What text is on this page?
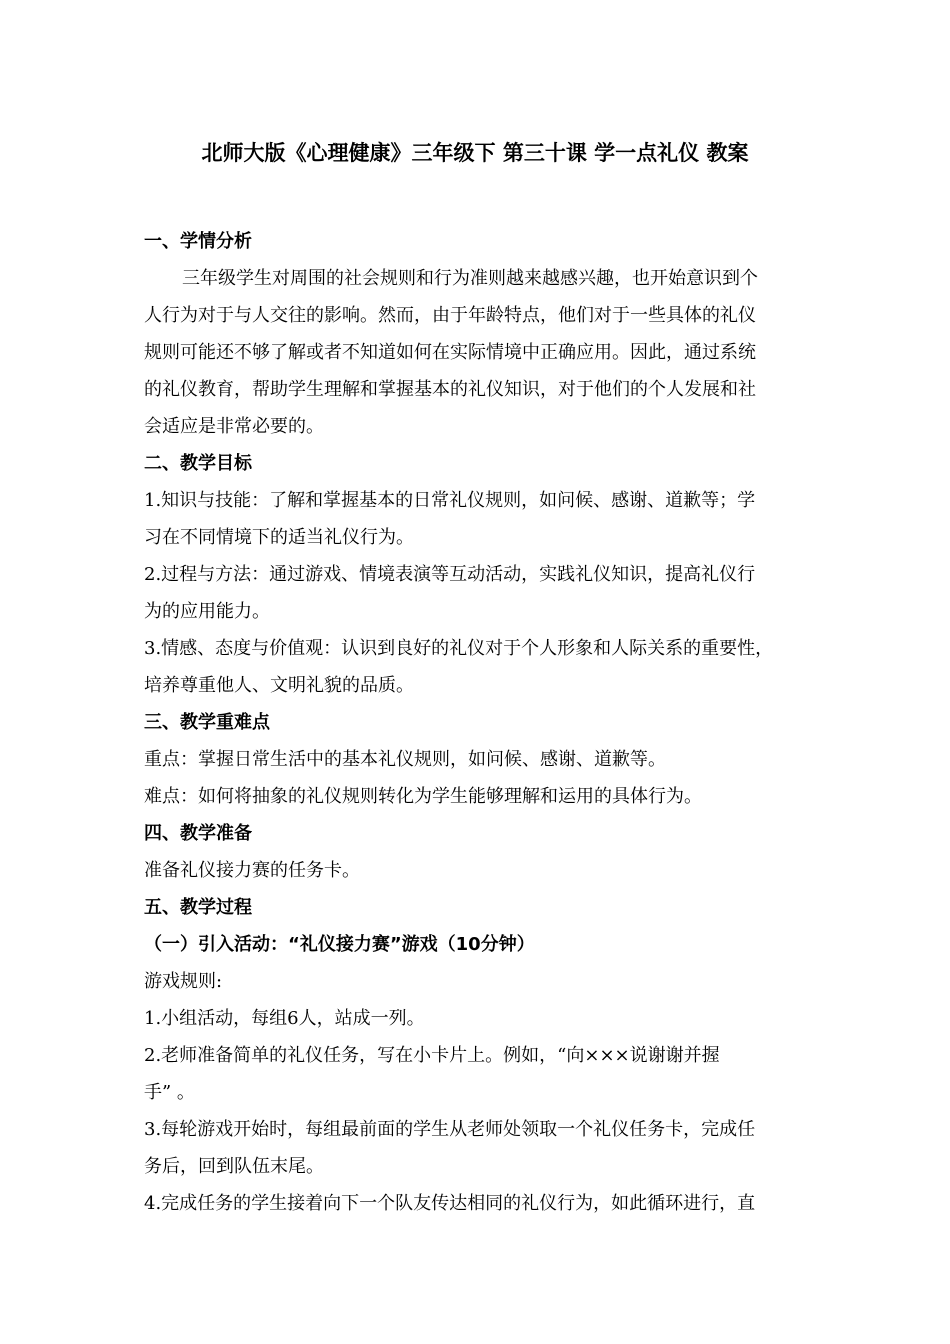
北师大版《心理健康》三年级下 第三十课 学一点礼仪 教案
一、学情分析
三年级学生对周围的社会规则和行为准则越来越感兴趣，也开始意识到个
人行为对于与人交往的影响。然而，由于年龄特点，他们对于一些具体的礼仪
规则可能还不够了解或者不知道如何在实际情境中正确应用。因此，通过系统
的礼仪教育，帮助学生理解和掌握基本的礼仪知识，对于他们的个人发展和社
会适应是非常必要的。
二、教学目标
1.知识与技能：了解和掌握基本的日常礼仪规则，如问候、感谢、道歉等；学
习在不同情境下的适当礼仪行为。
2.过程与方法：通过游戏、情境表演等互动活动，实践礼仪知识，提高礼仪行
为的应用能力。
3.情感、态度与价值观：认识到良好的礼仪对于个人形象和人际关系的重要性，
培养尊重他人、文明礼貌的品质。
三、教学重难点
重点：掌握日常生活中的基本礼仪规则，如问候、感谢、道歉等。
难点：如何将抽象的礼仪规则转化为学生能够理解和运用的具体行为。
四、教学准备
准备礼仪接力赛的任务卡。
五、教学过程
（一）引入活动：“礼仪接力赛”游戏（10分钟）
游戏规则:
1.小组活动，每组6人，站成一列。
2.老师准备简单的礼仪任务，写在小卡片上。例如，“向×××说谢谢并握
手” 。
3.每轮游戏开始时，每组最前面的学生从老师处领取一个礼仪任务卡，完成任
务后，回到队伍末尾。
4.完成任务的学生接着向下一个队友传达相同的礼仪行为，如此循环进行，直
